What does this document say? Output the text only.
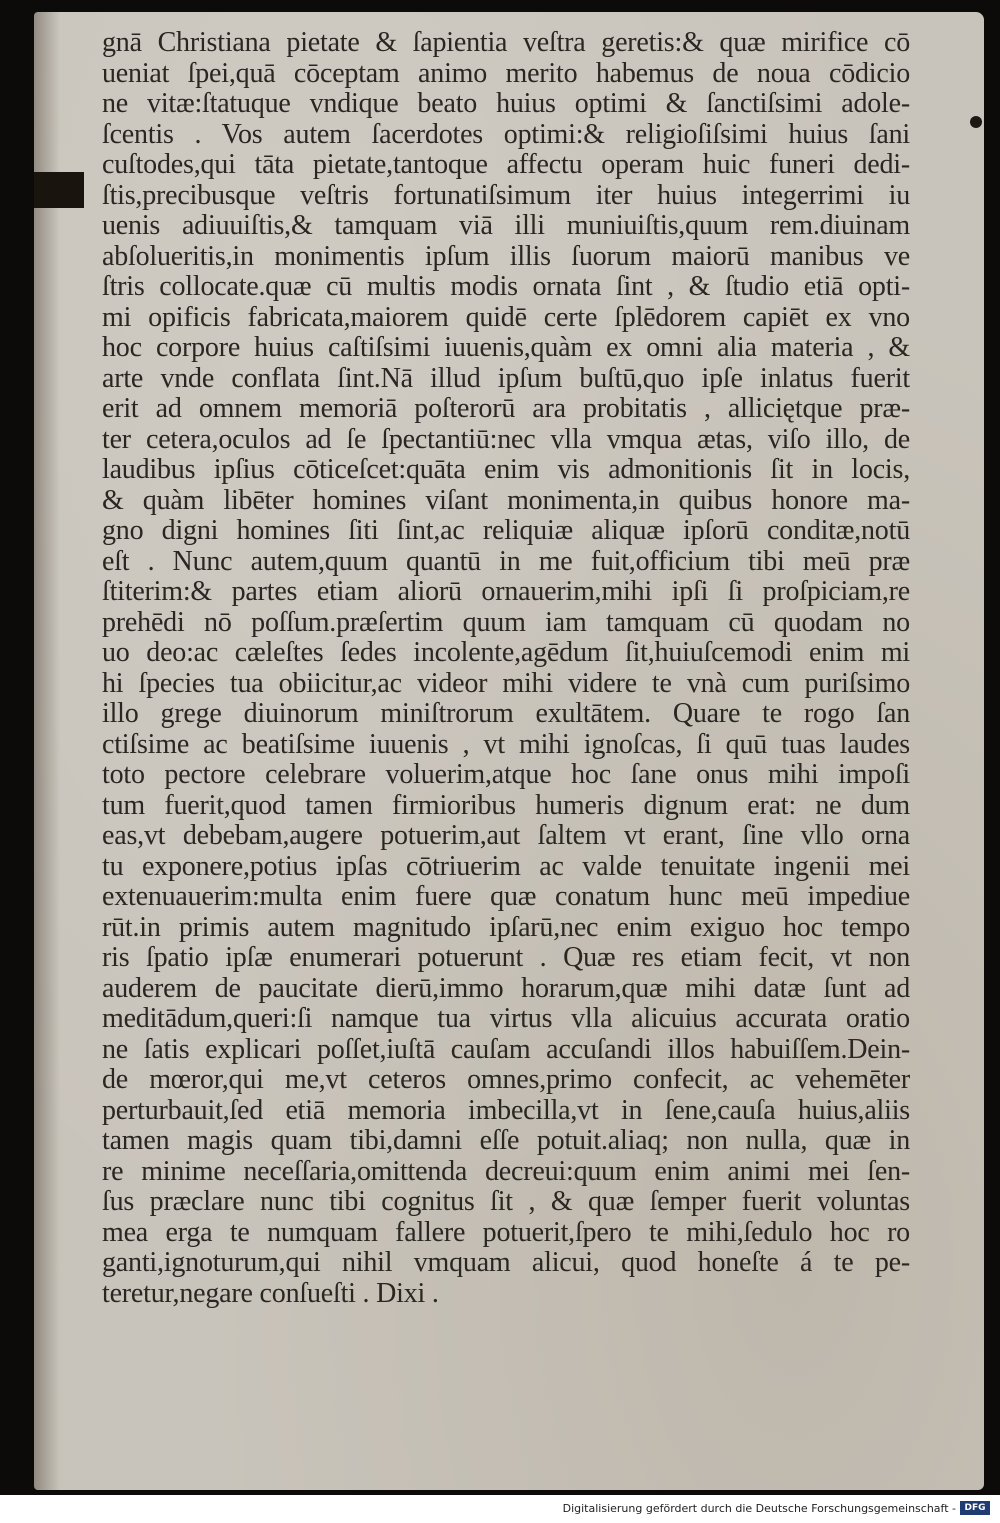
gnā Christiana pietate & ſapientia veſtra geretis:& quæ mirifice cō
ueniat ſpei,quā cōceptam animo merito habemus de noua cōdicio
ne vitæ:ſtatuque vndique beato huius optimi & ſanctiſsimi adole-
ſcentis . Vos autem ſacerdotes optimi:& religioſiſsimi huius ſani
cuſtodes,qui tāta pietate,tantoque affectu operam huic funeri dedi-
ſtis,precibusque veſtris fortunatiſsimum iter huius integerrimi iu
uenis adiuuiſtis,& tamquam viā illi muniuiſtis,quum rem.diuinam
abſolueritis,in monimentis ipſum illis ſuorum maiorū manibus ve
ſtris collocate.quæ cū multis modis ornata ſint , & ſtudio etiā opti-
mi opificis fabricata,maiorem quidē certe ſplēdorem capiēt ex vno
hoc corpore huius caſtiſsimi iuuenis,quàm ex omni alia materia , &
arte vnde conflata ſint.Nā illud ipſum buſtū,quo ipſe inlatus fuerit
erit ad omnem memoriā poſterorū ara probitatis , alliciętque præ-
ter cetera,oculos ad ſe ſpectantiū:nec vlla vmqua ætas, viſo illo, de
laudibus ipſius cōticeſcet:quāta enim vis admonitionis ſit in locis,
& quàm libēter homines viſant monimenta,in quibus honore ma-
gno digni homines ſiti ſint,ac reliquiæ aliquæ ipſorū conditæ,notū
eſt . Nunc autem,quum quantū in me fuit,officium tibi meū præ
ſtiterim:& partes etiam aliorū ornauerim,mihi ipſi ſi proſpiciam,re
prehēdi nō poſſum.præſertim quum iam tamquam cū quodam no
uo deo:ac cæleſtes ſedes incolente,agēdum ſit,huiuſcemodi enim mi
hi ſpecies tua obiicitur,ac videor mihi videre te vnà cum puriſsimo
illo grege diuinorum miniſtrorum exultātem. Quare te rogo ſan
ctiſsime ac beatiſsime iuuenis , vt mihi ignoſcas, ſi quū tuas laudes
toto pectore celebrare voluerim,atque hoc ſane onus mihi impoſi
tum fuerit,quod tamen firmioribus humeris dignum erat: ne dum
eas,vt debebam,augere potuerim,aut ſaltem vt erant, ſine vllo orna
tu exponere,potius ipſas cōtriuerim ac valde tenuitate ingenii mei
extenuauerim:multa enim fuere quæ conatum hunc meū impediue
rūt.in primis autem magnitudo ipſarū,nec enim exiguo hoc tempo
ris ſpatio ipſæ enumerari potuerunt . Quæ res etiam fecit, vt non
auderem de paucitate dierū,immo horarum,quæ mihi datæ ſunt ad
meditādum,queri:ſi namque tua virtus vlla alicuius accurata oratio
ne ſatis explicari poſſet,iuſtā cauſam accuſandi illos habuiſſem.Dein-
de mœror,qui me,vt ceteros omnes,primo confecit, ac vehemēter
perturbauit,ſed etiā memoria imbecilla,vt in ſene,cauſa huius,aliis
tamen magis quam tibi,damni eſſe potuit.aliaq; non nulla, quæ in
re minime neceſſaria,omittenda decreui:quum enim animi mei ſen-
ſus præclare nunc tibi cognitus ſit , & quæ ſemper fuerit voluntas
mea erga te numquam fallere potuerit,ſpero te mihi,ſedulo hoc ro
ganti,ignoturum,qui nihil vmquam alicui, quod honeſte á te pe-
teretur,negare conſueſti . Dixi .
Digitalisierung gefördert durch die Deutsche Forschungsgemeinschaft - DFG
